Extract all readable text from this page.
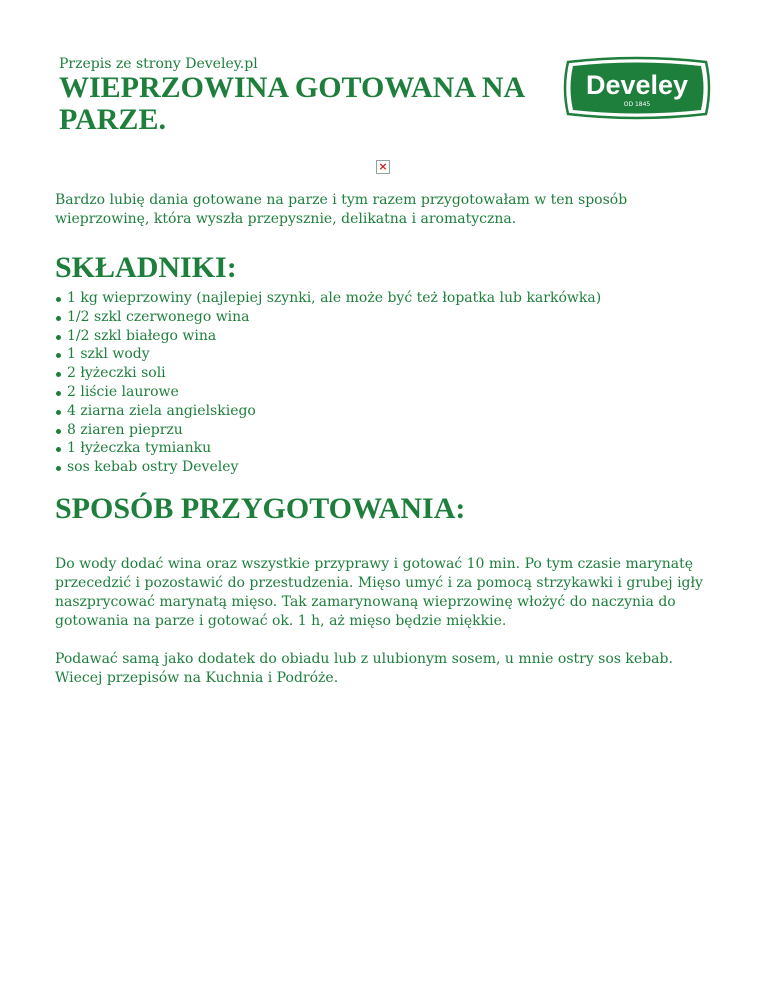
Przepis ze strony Develey.pl
WIEPRZOWINA GOTOWANA NA PARZE.
Develey
OD 1845
×

Bardzo lubię dania gotowane na parze i tym razem przygotowałam w ten sposób wieprzowinę, która wyszła przepysznie, delikatna i aromatyczna.

SKŁADNIKI:
1 kg wieprzowiny (najlepiej szynki, ale może być też łopatka lub karkówka)
1/2 szkl czerwonego wina
1/2 szkl białego wina
1 szkl wody
2 łyżeczki soli
2 liście laurowe
4 ziarna ziela angielskiego
8 ziaren pieprzu
1 łyżeczka tymianku
sos kebab ostry Develey
SPOSÓB PRZYGOTOWANIA:

Do wody dodać wina oraz wszystkie przyprawy i gotować 10 min. Po tym czasie marynatę przecedzić i pozostawić do przestudzenia. Mięso umyć i za pomocą strzykawki i grubej igły naszprycować marynatą mięso. Tak zamarynowaną wieprzowinę włożyć do naczynia do gotowania na parze i gotować ok. 1 h, aż mięso będzie miękkie.

Podawać samą jako dodatek do obiadu lub z ulubionym sosem, u mnie ostry sos kebab.

Wiecej przepisów na Kuchnia i Podróże.
